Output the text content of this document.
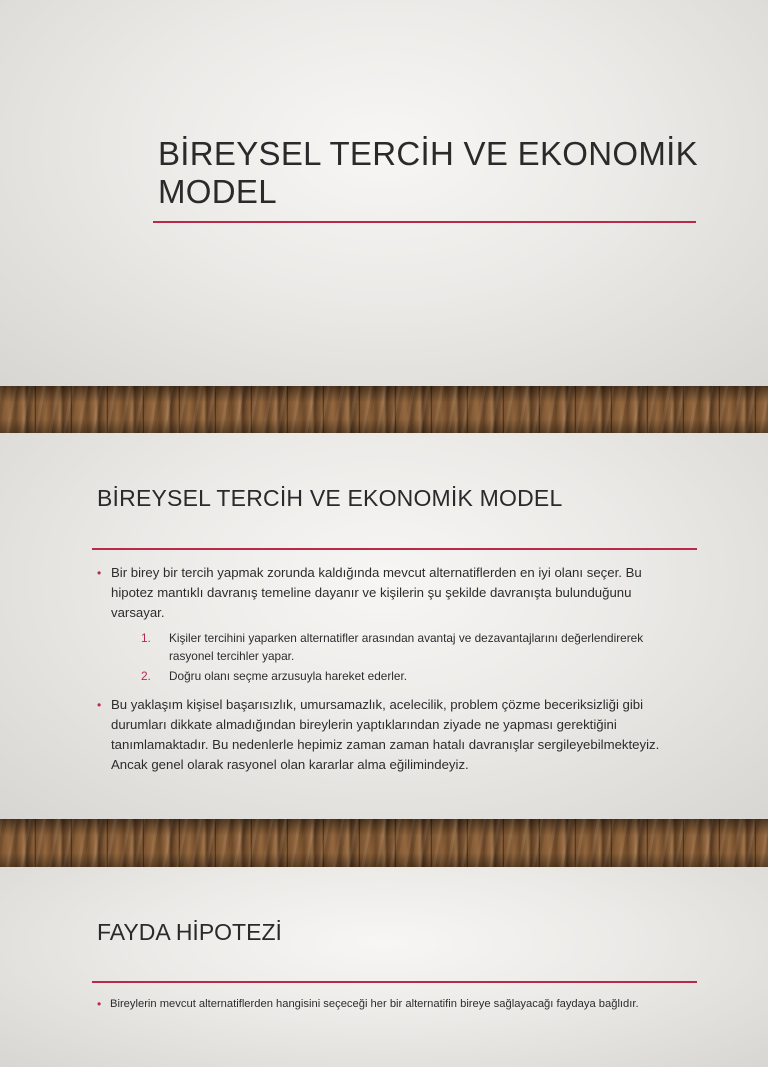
BİREYSEL TERCİH VE EKONOMİK MODEL
BİREYSEL TERCİH VE EKONOMİK MODEL
• Bir birey bir tercih yapmak zorunda kaldığında mevcut alternatiflerden en iyi olanı seçer. Bu hipotez mantıklı davranış temeline dayanır ve kişilerin şu şekilde davranışta bulunduğunu varsayar.
1. Kişiler tercihini yaparken alternatifler arasından avantaj ve dezavantajlarını değerlendirerek rasyonel tercihler yapar.
2. Doğru olanı seçme arzusuyla hareket ederler.
• Bu yaklaşım kişisel başarısızlık, umursamazlık, acelecilik, problem çözme beceriksizliği gibi durumları dikkate almadığından bireylerin yaptıklarından ziyade ne yapması gerektiğini tanımlamaktadır. Bu nedenlerle hepimiz zaman zaman hatalı davranışlar sergileyebilmekteyiz. Ancak genel olarak rasyonel olan kararlar alma eğilimindeyiz.
FAYDA HİPOTEZİ
• Bireylerin mevcut alternatiflerden hangisini seçeceği her bir alternatifin bireye sağlayacağı faydaya bağlıdır.
